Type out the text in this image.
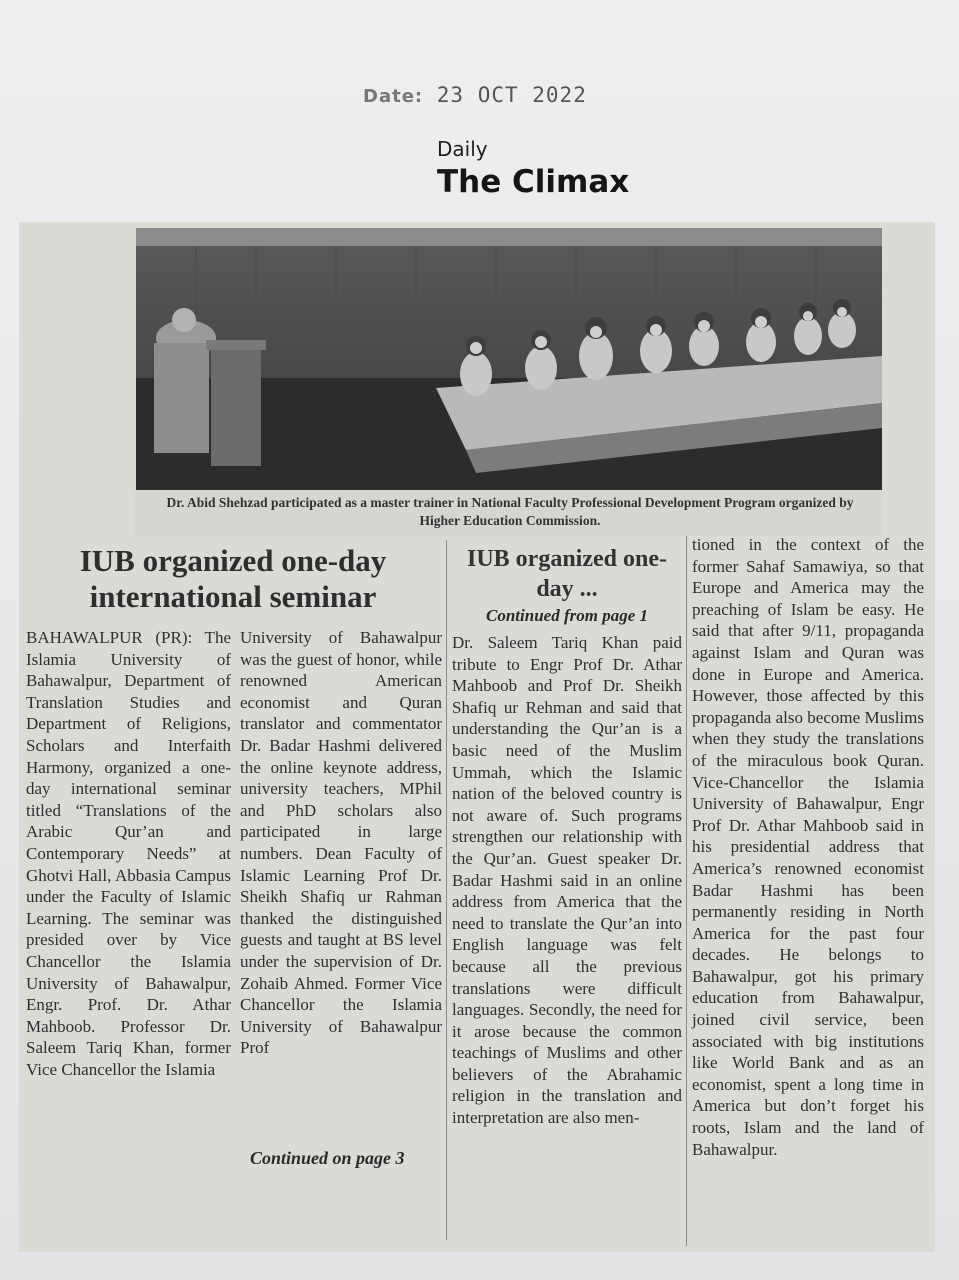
Date: 23 OCT 2022
Daily
The Climax
Dr. Abid Shehzad participated as a master trainer in National Faculty Professional Development Program organized by Higher Education Commission.
IUB organized one-day international seminar

BAHAWALPUR (PR): The Islamia University of Bahawalpur, Department of Translation Studies and Department of Religions, Scholars and Interfaith Harmony, organized a one-day international seminar titled “Translations of the Arabic Qur’an and Contemporary Needs” at Ghotvi Hall, Abbasia Campus under the Faculty of Islamic Learning. The seminar was presided over by Vice Chancellor the Islamia University of Bahawalpur, Engr. Prof. Dr. Athar Mahboob. Professor Dr. Saleem Tariq Khan, former Vice Chancellor the Islamia

University of Bahawalpur was the guest of honor, while renowned American economist and Quran translator and commentator Dr. Badar Hashmi delivered the online keynote address, university teachers, MPhil and PhD scholars also participated in large numbers. Dean Faculty of Islamic Learning Prof Dr. Sheikh Shafiq ur Rahman thanked the distinguished guests and taught at BS level under the supervision of Dr. Zohaib Ahmed. Former Vice Chancellor the Islamia University of Bahawalpur Prof

Continued on page 3
IUB organized one-day ...
Continued from page 1

Dr. Saleem Tariq Khan paid tribute to Engr Prof Dr. Athar Mahboob and Prof Dr. Sheikh Shafiq ur Rehman and said that understanding the Qur’an is a basic need of the Muslim Ummah, which the Islamic nation of the beloved country is not aware of. Such programs strengthen our relationship with the Qur’an. Guest speaker Dr. Badar Hashmi said in an online address from America that the need to translate the Qur’an into English language was felt because all the previous translations were difficult languages. Secondly, the need for it arose because the common teachings of Muslims and other believers of the Abrahamic religion in the translation and interpretation are also men-

tioned in the context of the former Sahaf Samawiya, so that Europe and America may the preaching of Islam be easy. He said that after 9/11, propaganda against Islam and Quran was done in Europe and America. However, those affected by this propaganda also become Muslims when they study the translations of the miraculous book Quran. Vice-Chancellor the Islamia University of Bahawalpur, Engr Prof Dr. Athar Mahboob said in his presidential address that America’s renowned economist Badar Hashmi has been permanently residing in North America for the past four decades. He belongs to Bahawalpur, got his primary education from Bahawalpur, joined civil service, been associated with big institutions like World Bank and as an economist, spent a long time in America but don’t forget his roots, Islam and the land of Bahawalpur.
